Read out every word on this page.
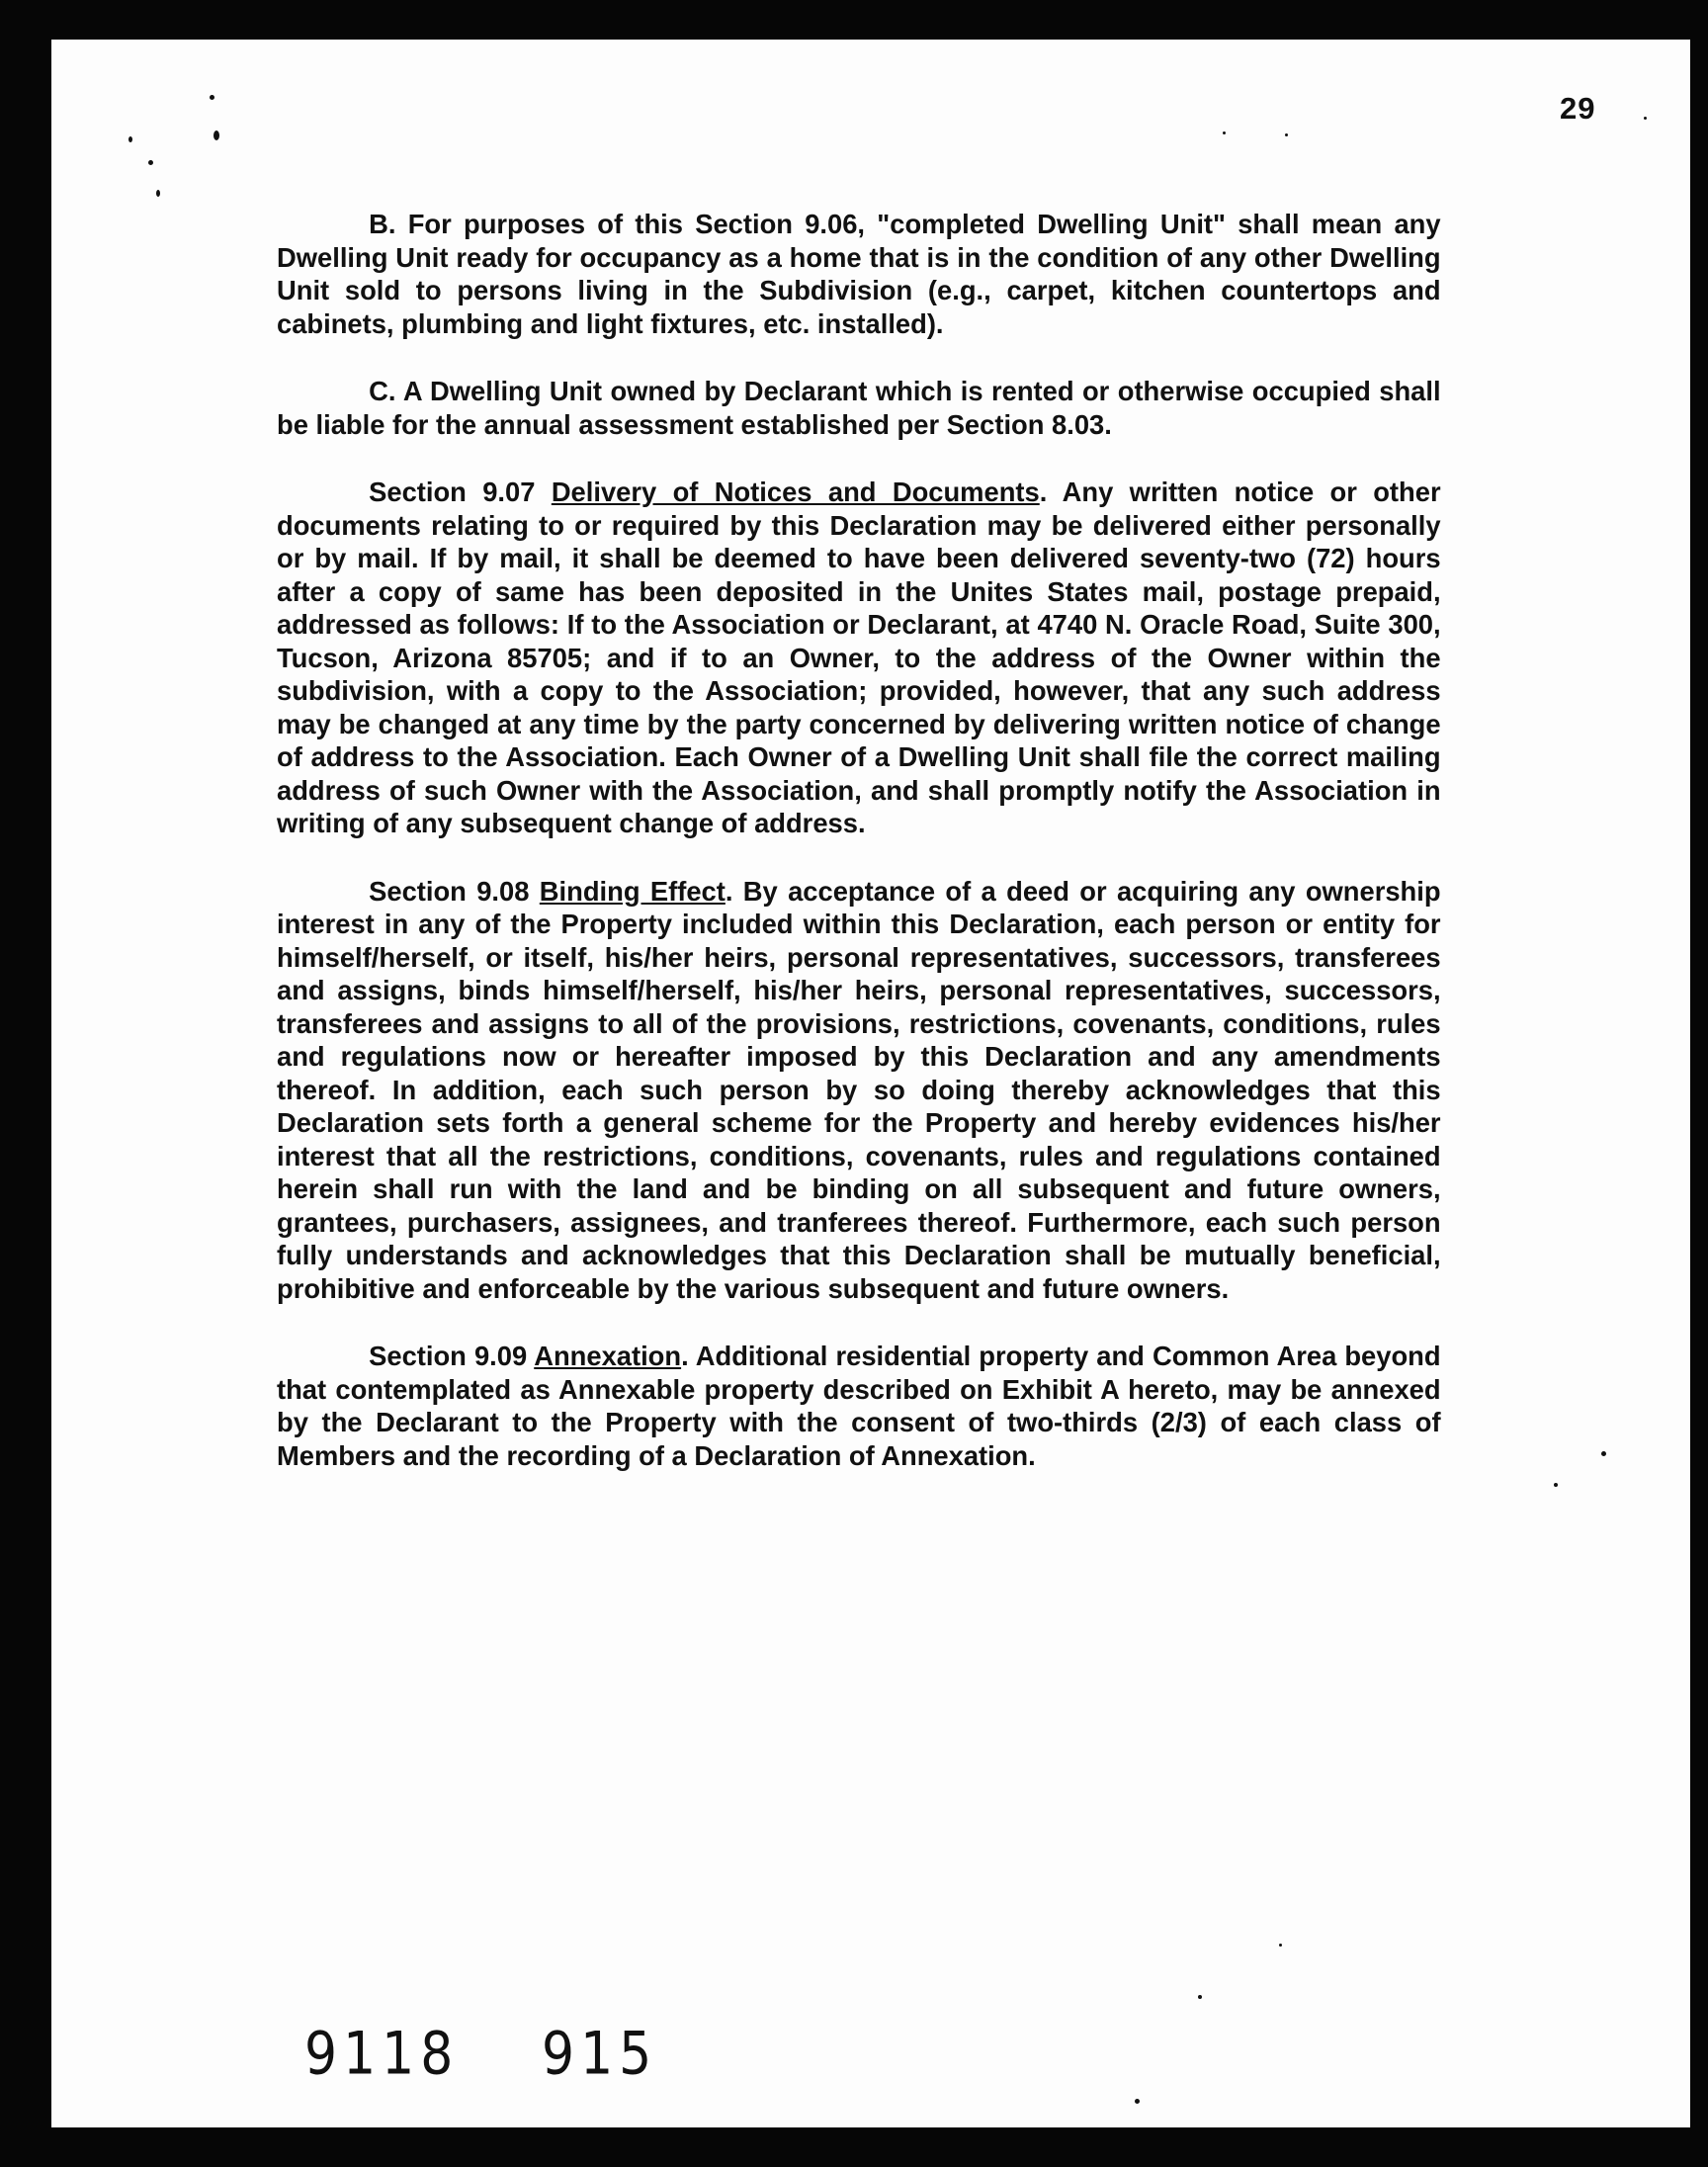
29

B. For purposes of this Section 9.06, "completed Dwelling Unit" shall mean any Dwelling Unit ready for occupancy as a home that is in the condition of any other Dwelling Unit sold to persons living in the Subdivision (e.g., carpet, kitchen countertops and cabinets, plumbing and light fixtures, etc. installed).

C. A Dwelling Unit owned by Declarant which is rented or otherwise occupied shall be liable for the annual assessment established per Section 8.03.

Section 9.07 Delivery of Notices and Documents. Any written notice or other documents relating to or required by this Declaration may be delivered either personally or by mail. If by mail, it shall be deemed to have been delivered seventy-two (72) hours after a copy of same has been deposited in the Unites States mail, postage prepaid, addressed as follows: If to the Association or Declarant, at 4740 N. Oracle Road, Suite 300, Tucson, Arizona 85705; and if to an Owner, to the address of the Owner within the subdivision, with a copy to the Association; provided, however, that any such address may be changed at any time by the party concerned by delivering written notice of change of address to the Association. Each Owner of a Dwelling Unit shall file the correct mailing address of such Owner with the Association, and shall promptly notify the Association in writing of any subsequent change of address.

Section 9.08 Binding Effect. By acceptance of a deed or acquiring any ownership interest in any of the Property included within this Declaration, each person or entity for himself/herself, or itself, his/her heirs, personal representatives, successors, transferees and assigns, binds himself/herself, his/her heirs, personal representatives, successors, transferees and assigns to all of the provisions, restrictions, covenants, conditions, rules and regulations now or hereafter imposed by this Declaration and any amendments thereof. In addition, each such person by so doing thereby acknowledges that this Declaration sets forth a general scheme for the Property and hereby evidences his/her interest that all the restrictions, conditions, covenants, rules and regulations contained herein shall run with the land and be binding on all subsequent and future owners, grantees, purchasers, assignees, and tranferees thereof. Furthermore, each such person fully understands and acknowledges that this Declaration shall be mutually beneficial, prohibitive and enforceable by the various subsequent and future owners.

Section 9.09 Annexation. Additional residential property and Common Area beyond that contemplated as Annexable property described on Exhibit A hereto, may be annexed by the Declarant to the Property with the consent of two-thirds (2/3) of each class of Members and the recording of a Declaration of Annexation.

9118 915
